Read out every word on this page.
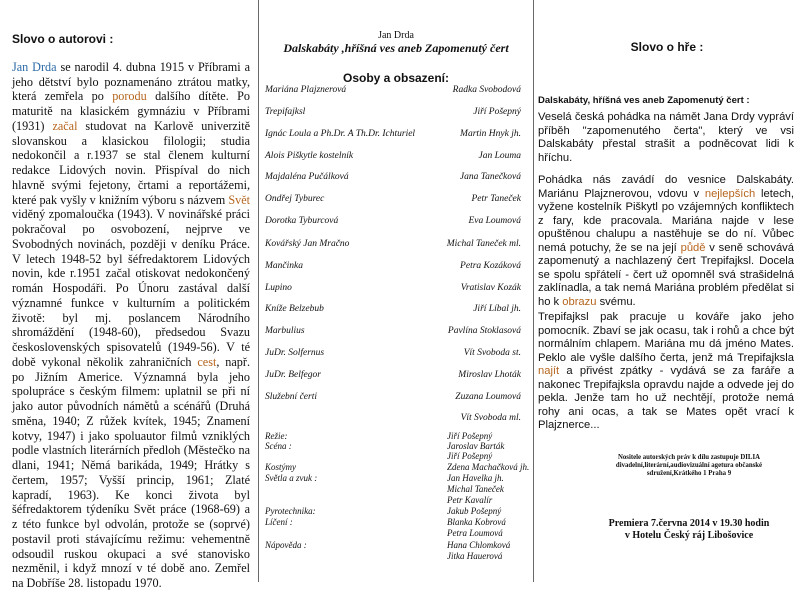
Slovo o autorovi :
Jan Drda se narodil 4. dubna 1915 v Příbrami a jeho dětství bylo poznamenáno ztrátou matky, která zemřela po porodu dalšího dítěte. Po maturitě na klasickém gymnáziu v Příbrami (1931) začal studovat na Karlově univerzitě slovanskou a klasickou filologii; studia nedokončil a r.1937 se stal členem kulturní redakce Lidových novin. Přispíval do nich hlavně svými fejetony, črtami a reportážemi, které pak vyšly v knižním výboru s názvem Svět viděný zpomaloučka (1943). V novinářské práci pokračoval po osvobození, nejprve ve Svobodných novinách, později v deníku Práce. V letech 1948-52 byl šéfredaktorem Lidových novin, kde r.1951 začal otiskovat nedokončený román Hospodáři. Po Únoru zastával další významné funkce v kulturním a politickém životě: byl mj. poslancem Národního shromáždění (1948-60), předsedou Svazu československých spisovatelů (1949-56). V té době vykonal několik zahraničních cest, např. po Jižním Americe. Významná byla jeho spolupráce s českým filmem: uplatnil se při ní jako autor původních námětů a scénářů (Druhá směna, 1940; Z růžek kvítek, 1945; Znamení kotvy, 1947) i jako spoluautor filmů vzniklých podle vlastních literárních předloh (Městečko na dlani, 1941; Němá barikáda, 1949; Hrátky s čertem, 1957; Vyšší princip, 1961; Zlaté kapradí, 1963). Ke konci života byl šéfredaktorem týdeníku Svět práce (1968-69) a z této funkce byl odvolán, protože se (soprvé) postavil proti stávajícímu režimu: vehementně odsoudil ruskou okupaci a své stanovisko nezměnil, i když mnozí v té době ano. Zemřel na Dobříše 28. listopadu 1970.
Jan Drda
Dalskabáty ,hříšná ves aneb Zapomenutý čert
Osoby a obsazení:
Mariána Plajznerová	Radka Svobodová
Trepifajksl	Jiří Pošepný
Ignác Loula a Ph.Dr. A Th.Dr. Ichturiel	Martin Hnyk jh.
Alois Piškytle kostelník	Jan Louma
Majdaléna Pučálková	Jana Tanečková
Ondřej Tyburec	Petr Taneček
Dorotka Tyburcová	Eva Loumová
Kovářský Jan Mračno	Michal Taneček ml.
Mančinka	Petra Kozáková
Lupino	Vratislav Kozák
Kníže Belzebub	Jiří Líbal jh.
Marbulius	Pavlína Stoklasová
JuDr. Solfernus	Vít Svoboda st.
JuDr. Belfegor	Miroslav Lhoták
Služební čerti	Zuzana Loumová
Vít Svoboda ml.
Režie:	Jiří Pošepný
Scéna :	Jaroslav Barták
Jiří Pošepný
Kostýmy	Zdena Machačková jh.
Světla a zvuk :	Jan Havelka jh.
Michal Taneček
Petr Kavalír
Pyrotechnika:	Jakub Pošepný
Líčení :	Blanka Kobrová
Petra Loumová
Nápověda :	Hana Chlomková
Jitka Hauerová
Slovo o hře :
Dalskabáty, hříšná ves aneb Zapomenutý čert :

Veselá česká pohádka na námět Jana Drdy vypráví příběh "zapomenutého čerta", který ve vsi Dalskabáty přestal strašit a podněcovat lidi k hříchu.

Pohádka nás zavádí do vesnice Dalskabáty. Mariánu Plajznerovou, vdovu v nejlepších letech, vyžene kostelník Piškytl po vzájemných konfliktech z fary, kde pracovala. Mariána najde v lese opuštěnou chalupu a nastěhuje se do ní. Vůbec nemá potuchy, že se na její půdě v seně schovává zapomenutý a nachlazený čert Trepifajksl. Docela se spolu spřátelí - čert už opomněl svá strašidelná zaklínadla, a tak nemá Mariána problém předělat si ho k obrazu svému.

Trepifajksl pak pracuje u kováře jako jeho pomocník. Zbaví se jak ocasu, tak i rohů a chce být normálním chlapem. Mariána mu dá jméno Mates. Peklo ale vyšle dalšího čerta, jenž má Trepifajksla najít a přivést zpátky - vydává se za faráře a nakonec Trepifajksla opravdu najde a odvede jej do pekla. Jenže tam ho už nechtějí, protože nemá rohy ani ocas, a tak se Mates opět vrací k Plajznerce...

Nositele autorských práv k dílu zastupuje DILIA divadelní,literární,audiovizuální agetura občanské sdružení,Krátkého 1 Praha 9
Premiera 7.června 2014 v 19.30 hodin
v Hotelu Český ráj Libošovice
